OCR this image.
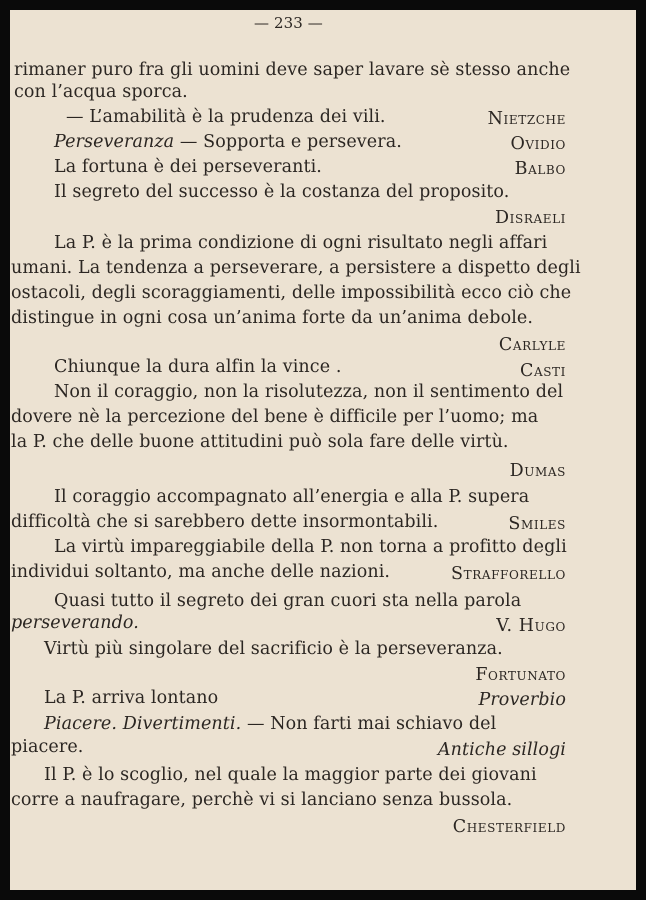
— 233 —
rimaner puro fra gli uomini deve saper lavare sè stesso anche
con l’acqua sporca.
— L’amabilità è la prudenza dei vili.	Nietzche
Perseveranza — Sopporta e persevera.	Ovidio
La fortuna è dei perseveranti.	Balbo
Il segreto del successo è la costanza del proposito.
Disraeli
La P. è la prima condizione di ogni risultato negli affari
umani. La tendenza a perseverare, a persistere a dispetto degli
ostacoli, degli scoraggiamenti, delle impossibilità ecco ciò che
distingue in ogni cosa un’anima forte da un’anima debole.
Carlyle
Chiunque la dura alfin la vince .	Casti
Non il coraggio, non la risolutezza, non il sentimento del
dovere nè la percezione del bene è difficile per l’uomo; ma
la P. che delle buone attitudini può sola fare delle virtù.
Dumas
Il coraggio accompagnato all’energia e alla P. supera
difficoltà che si sarebbero dette insormontabili.	Smiles
La virtù impareggiabile della P. non torna a profitto degli
individui soltanto, ma anche delle nazioni.	Strafforello
Quasi tutto il segreto dei gran cuori sta nella parola
perseverando.	V. Hugo
Virtù più singolare del sacrificio è la perseveranza.
Fortunato
La P. arriva lontano	Proverbio
Piacere. Divertimenti. — Non farti mai schiavo del
piacere.	Antiche sillogi
Il P. è lo scoglio, nel quale la maggior parte dei giovani
corre a naufragare, perchè vi si lanciano senza bussola.
Chesterfield
